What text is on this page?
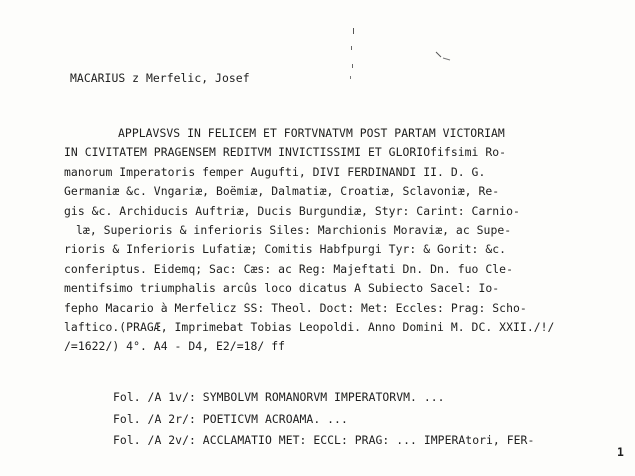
MACARIUS z Merfelic, Josef
APPLAVSVS IN FELICEM ET FORTVNATVM POST PARTAM VICTORIAM
IN CIVITATEM PRAGENSEM REDITVM INVICTISSIMI ET GLORIOfifsimi Ro-
manorum Imperatoris femper Augufti, DIVI FERDINANDI II. D. G.
Germaniæ &c. Vngariæ, Boëmiæ, Dalmatiæ, Croatiæ, Sclavoniæ, Re-
gis &c. Archiducis Auftriæ, Ducis Burgundiæ, Styr: Carint: Carnio-
læ, Superioris & inferioris Siles: Marchionis Moraviæ, ac Supe-
rioris & Inferioris Lufatiæ; Comitis Habfpurgi Tyr: & Gorit: &c.
conferiptus. Eidemq; Sac: Cæs: ac Reg: Majeftati Dn. Dn. fuo Cle-
mentifsimo triumphalis arcûs loco dicatus A Subiecto Sacel: Io-
fepho Macario à Merfelicz SS: Theol. Doct: Met: Eccles: Prag: Scho-
lafticо.(PRAGÆ, Imprimebat Tobias Leopoldi. Anno Domini M. DC. XXII./!/
/=1622/) 4°. A4 - D4, E2/=18/ ff
Fol. /A 1v/: SYMBOLVM ROMANORVM IMPERATORVM. ...
Fol. /A 2r/: POETICVM ACROAMA. ...
Fol. /A 2v/: ACCLAMATIO MET: ECCL: PRAG: ... IMPERAtori, FER-
1
